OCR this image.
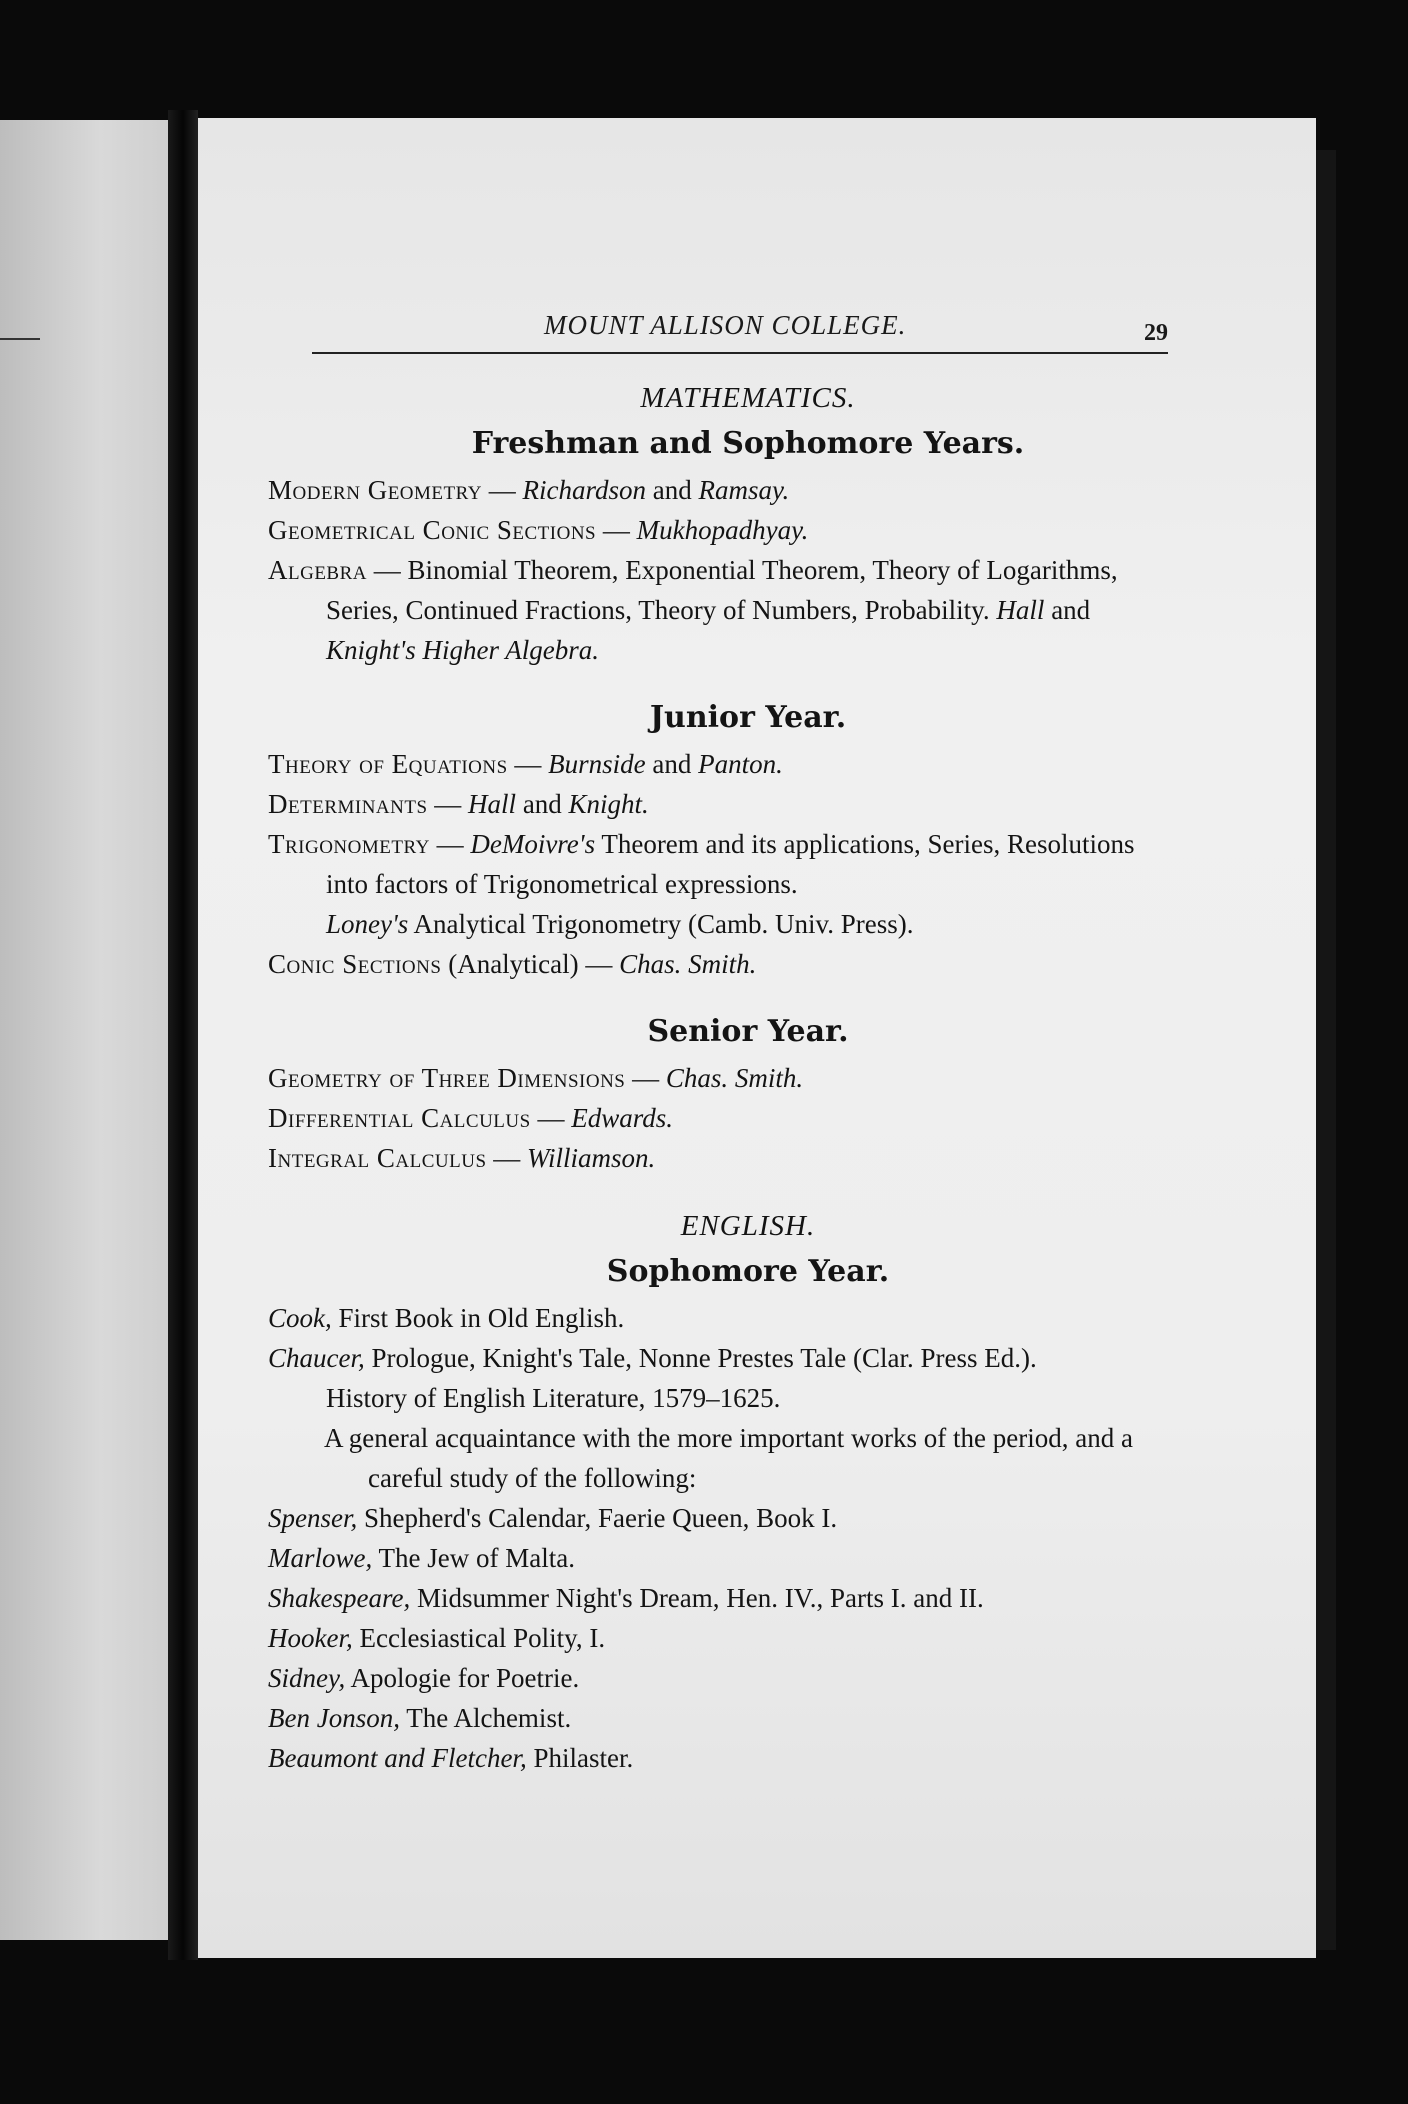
MOUNT ALLISON COLLEGE.	29
MATHEMATICS.
Freshman and Sophomore Years.

Modern Geometry — Richardson and Ramsay.

Geometrical Conic Sections — Mukhopadhyay.

Algebra — Binomial Theorem, Exponential Theorem, Theory of Logarithms, Series, Continued Fractions, Theory of Numbers, Probability. Hall and Knight's Higher Algebra.

Junior Year.

Theory of Equations — Burnside and Panton.

Determinants — Hall and Knight.

Trigonometry — DeMoivre's Theorem and its applications, Series, Resolutions into factors of Trigonometrical expressions.
Loney's Analytical Trigonometry (Camb. Univ. Press).

Conic Sections (Analytical) — Chas. Smith.

Senior Year.

Geometry of Three Dimensions — Chas. Smith.

Differential Calculus — Edwards.

Integral Calculus — Williamson.

ENGLISH.
Sophomore Year.

Cook, First Book in Old English.

Chaucer, Prologue, Knight's Tale, Nonne Prestes Tale (Clar. Press Ed.).

History of English Literature, 1579–1625.

A general acquaintance with the more important works of the period, and a careful study of the following:

Spenser, Shepherd's Calendar, Faerie Queen, Book I.

Marlowe, The Jew of Malta.

Shakespeare, Midsummer Night's Dream, Hen. IV., Parts I. and II.

Hooker, Ecclesiastical Polity, I.

Sidney, Apologie for Poetrie.

Ben Jonson, The Alchemist.

Beaumont and Fletcher, Philaster.
